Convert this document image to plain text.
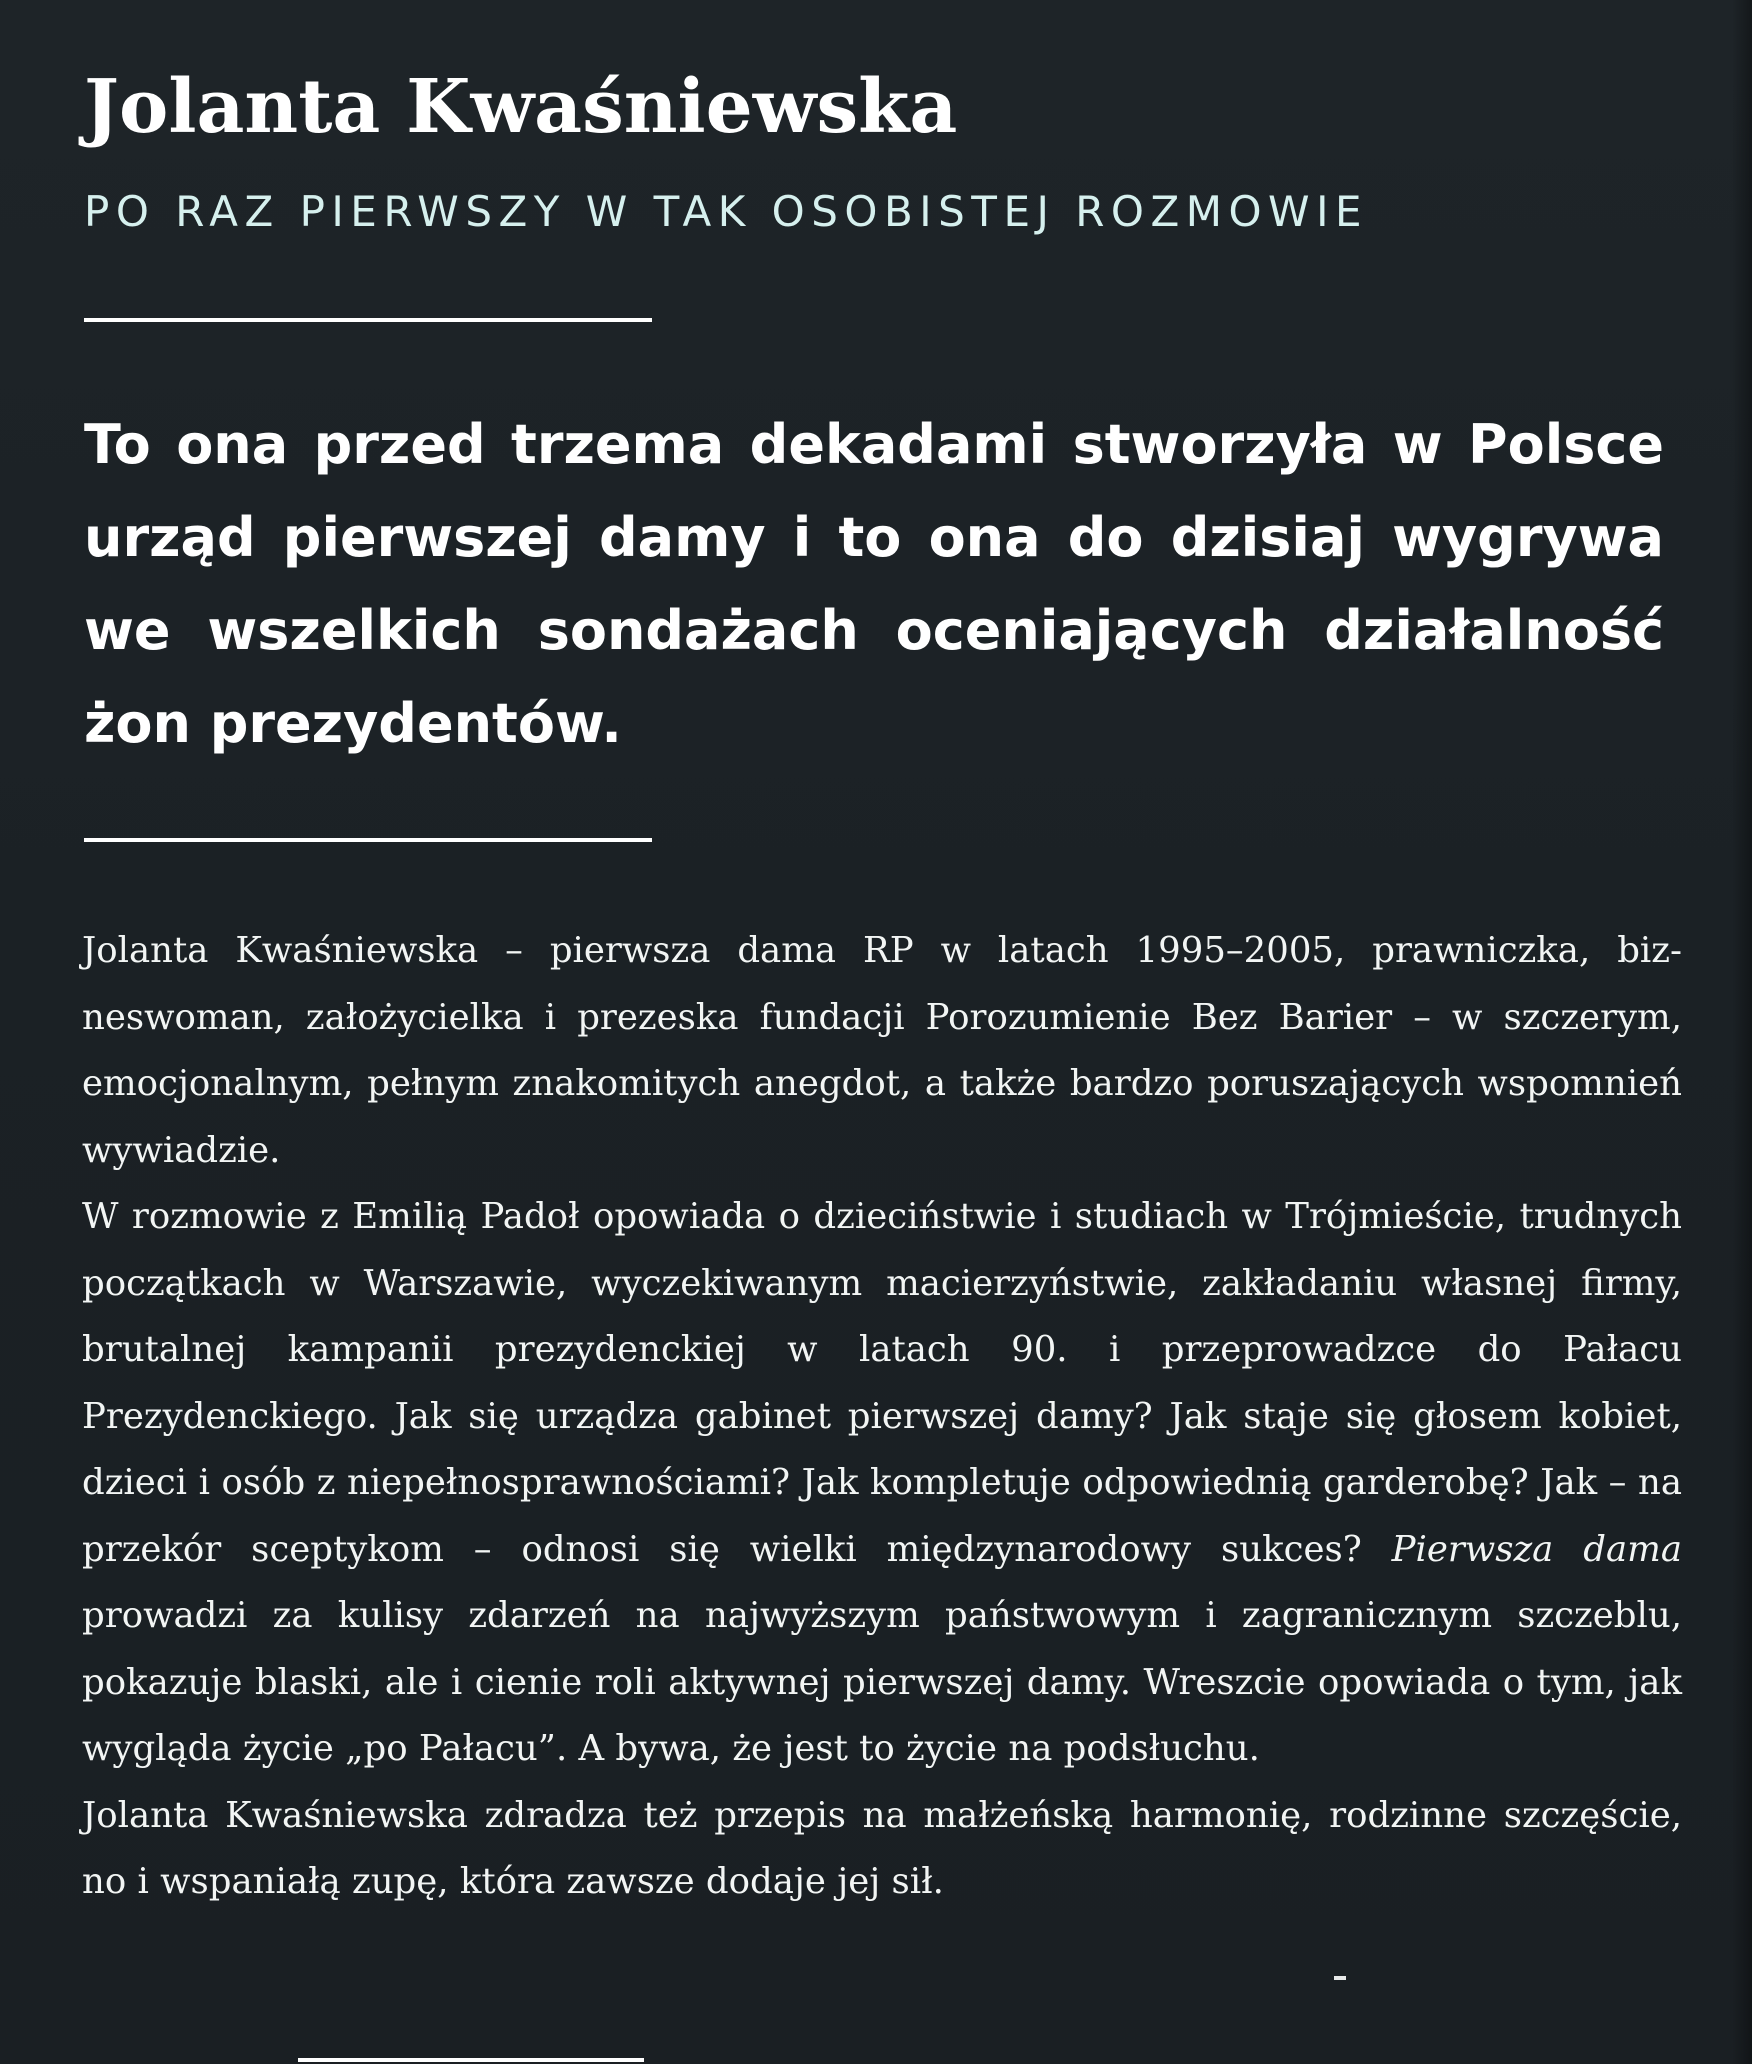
Jolanta Kwaśniewska
PO RAZ PIERWSZY W TAK OSOBISTEJ ROZMOWIE

To ona przed trzema dekadami stworzyła w Polsce urząd pierwszej damy i to ona do dzisiaj wygrywa we wszelkich sondażach oceniających działalność żon prezydentów.

Jolanta Kwaśniewska – pierwsza dama RP w latach 1995–2005, prawniczka, bizneswoman, założycielka i prezeska fundacji Porozumienie Bez Barier – w szczerym, emocjonalnym, pełnym znakomitych anegdot, a także bardzo poruszających wspomnień wywiadzie.

W rozmowie z Emilią Padoł opowiada o dzieciństwie i studiach w Trójmieście, trudnych początkach w Warszawie, wyczekiwanym macierzyństwie, zakładaniu własnej firmy, brutalnej kampanii prezydenckiej w latach 90. i przeprowadzce do Pałacu Prezydenckiego. Jak się urządza gabinet pierwszej damy? Jak staje się głosem kobiet, dzieci i osób z niepełnosprawnościami? Jak kompletuje odpowiednią garderobę? Jak – na przekór sceptykom – odnosi się wielki międzynarodowy sukces? Pierwsza dama prowadzi za kulisy zdarzeń na najwyższym państwowym i zagranicznym szczeblu, pokazuje blaski, ale i cienie roli aktywnej pierwszej damy. Wreszcie opowiada o tym, jak wygląda życie „po Pałacu”. A bywa, że jest to życie na podsłuchu.

Jolanta Kwaśniewska zdradza też przepis na małżeńską harmonię, rodzinne szczęście, no i wspaniałą zupę, która zawsze dodaje jej sił.
